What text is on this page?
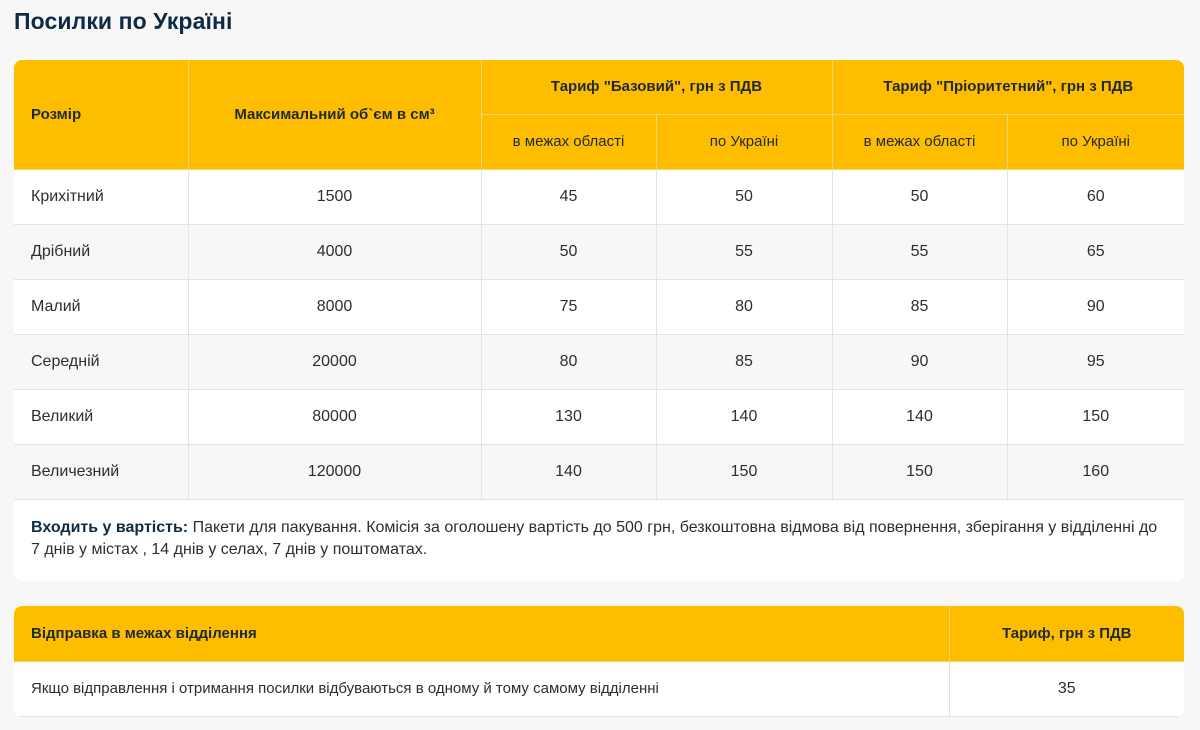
Посилки по Україні
Розмір	Максимальний об`єм в см³	Тариф "Базовий", грн з ПДВ		Тариф "Пріоритетний", грн з ПДВ	
		в межах області	по Україні	в межах області	по Україні
Крихітний	1500	45	50	50	60
Дрібний	4000	50	55	55	65
Малий	8000	75	80	85	90
Середній	20000	80	85	90	95
Великий	80000	130	140	140	150
Величезний	120000	140	150	150	160

Входить у вартість: Пакети для пакування. Комісія за оголошену вартість до 500 грн, безкоштовна відмова від повернення, зберігання у відділенні до 7 днів у містах , 14 днів у селах, 7 днів у поштоматах.

Відправка в межах відділення	Тариф, грн з ПДВ
Якщо відправлення і отримання посилки відбуваються в одному й тому самому відділенні	35
